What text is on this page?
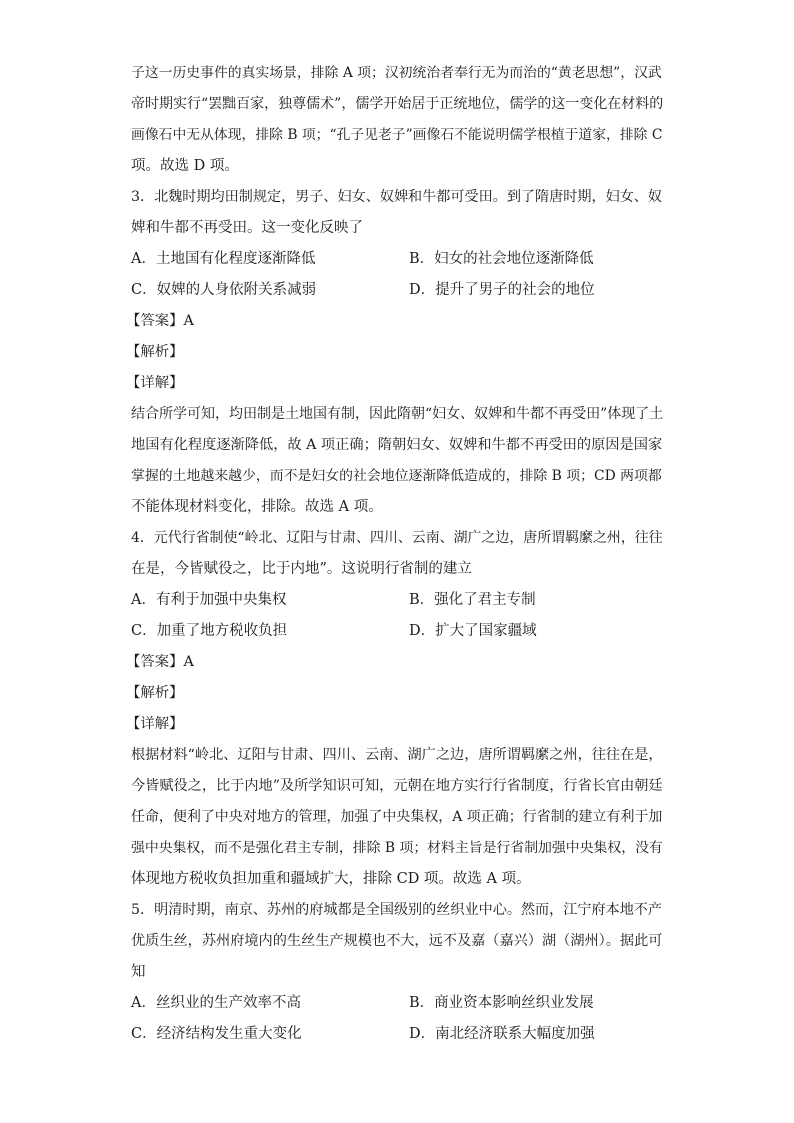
子这一历史事件的真实场景，排除 A 项；汉初统治者奉行无为而治的“黄老思想”，汉武
帝时期实行“罢黜百家，独尊儒术”，儒学开始居于正统地位，儒学的这一变化在材料的
画像石中无从体现，排除 B 项；“孔子见老子”画像石不能说明儒学根植于道家，排除 C
项。故选 D 项。
3．北魏时期均田制规定，男子、妇女、奴婢和牛都可受田。到了隋唐时期，妇女、奴
婢和牛都不再受田。这一变化反映了
A．土地国有化程度逐渐降低	B．妇女的社会地位逐渐降低
C．奴婢的人身依附关系减弱	D．提升了男子的社会的地位
【答案】A
【解析】
【详解】
结合所学可知，均田制是土地国有制，因此隋朝“妇女、奴婢和牛都不再受田”体现了土
地国有化程度逐渐降低，故 A 项正确；隋朝妇女、奴婢和牛都不再受田的原因是国家
掌握的土地越来越少，而不是妇女的社会地位逐渐降低造成的，排除 B 项；CD 两项都
不能体现材料变化，排除。故选 A 项。
4．元代行省制使“岭北、辽阳与甘肃、四川、云南、湖广之边，唐所谓羁縻之州，往往
在是，今皆赋役之，比于内地”。这说明行省制的建立
A．有利于加强中央集权	B．强化了君主专制
C．加重了地方税收负担	D．扩大了国家疆域
【答案】A
【解析】
【详解】
根据材料“岭北、辽阳与甘肃、四川、云南、湖广之边，唐所谓羁縻之州，往往在是，
今皆赋役之，比于内地”及所学知识可知，元朝在地方实行行省制度，行省长官由朝廷
任命，便利了中央对地方的管理，加强了中央集权，A 项正确；行省制的建立有利于加
强中央集权，而不是强化君主专制，排除 B 项；材料主旨是行省制加强中央集权，没有
体现地方税收负担加重和疆域扩大，排除 CD 项。故选 A 项。
5．明清时期，南京、苏州的府城都是全国级别的丝织业中心。然而，江宁府本地不产
优质生丝，苏州府境内的生丝生产规模也不大，远不及嘉（嘉兴）湖（湖州）。据此可
知
A．丝织业的生产效率不高	B．商业资本影响丝织业发展
C．经济结构发生重大变化	D．南北经济联系大幅度加强
